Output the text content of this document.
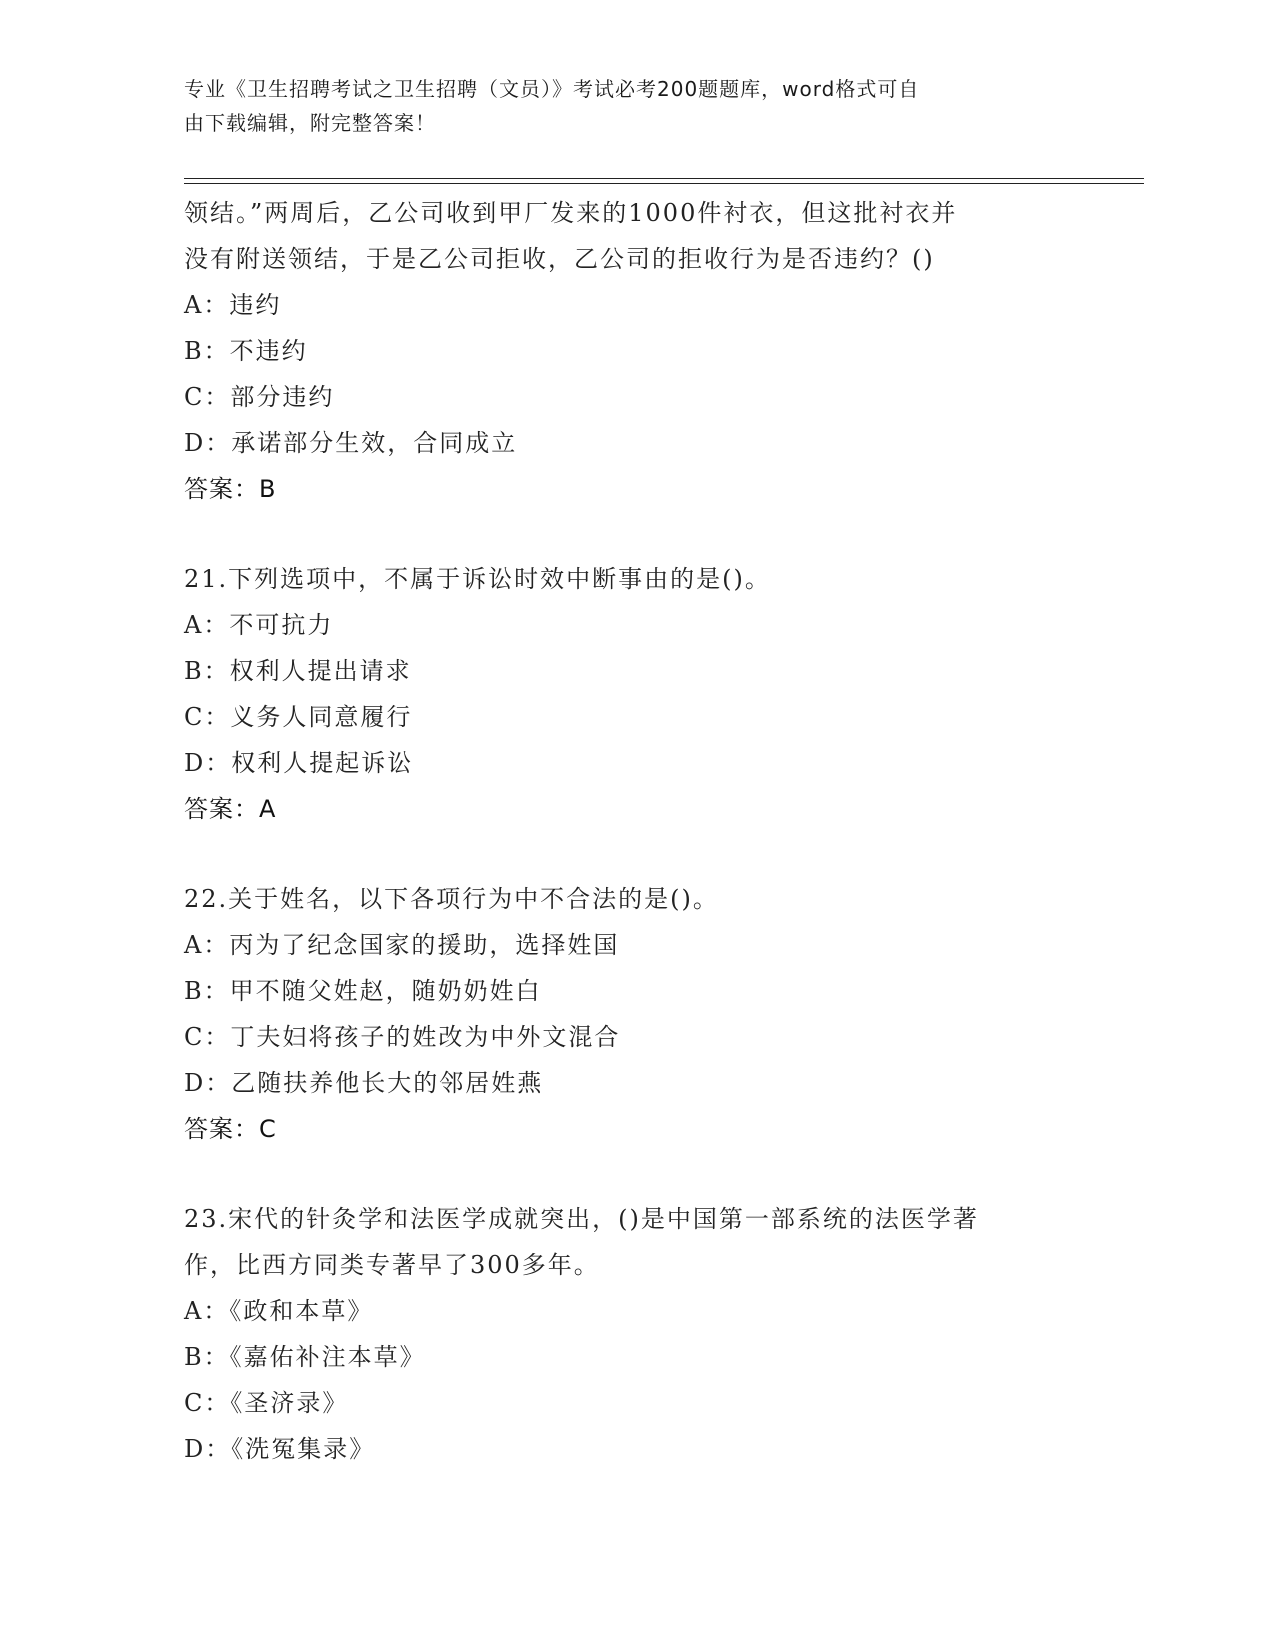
专业《卫生招聘考试之卫生招聘（文员）》考试必考200题题库，word格式可自
由下载编辑，附完整答案！
领结。”两周后，乙公司收到甲厂发来的1000件衬衣，但这批衬衣并
没有附送领结，于是乙公司拒收，乙公司的拒收行为是否违约？()
A：违约
B：不违约
C：部分违约
D：承诺部分生效，合同成立
答案：B
21.下列选项中，不属于诉讼时效中断事由的是()。
A：不可抗力
B：权利人提出请求
C：义务人同意履行
D：权利人提起诉讼
答案：A
22.关于姓名，以下各项行为中不合法的是()。
A：丙为了纪念国家的援助，选择姓国
B：甲不随父姓赵，随奶奶姓白
C：丁夫妇将孩子的姓改为中外文混合
D：乙随扶养他长大的邻居姓燕
答案：C
23.宋代的针灸学和法医学成就突出，()是中国第一部系统的法医学著
作，比西方同类专著早了300多年。
A：《政和本草》
B：《嘉佑补注本草》
C：《圣济录》
D：《洗冤集录》
